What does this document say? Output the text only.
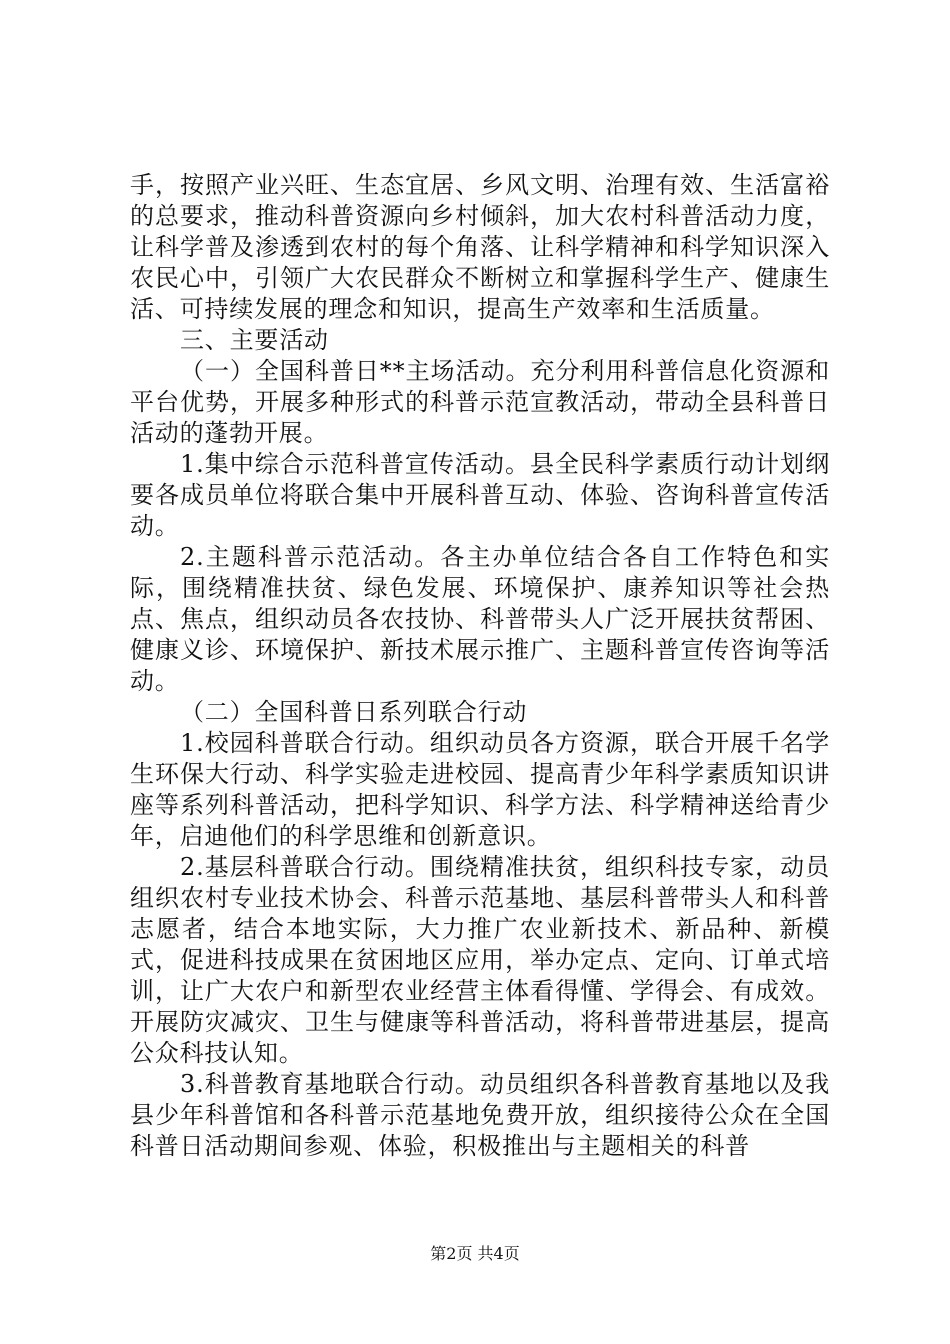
手，按照产业兴旺、生态宜居、乡风文明、治理有效、生活富裕的总要求，推动科普资源向乡村倾斜，加大农村科普活动力度，让科学普及渗透到农村的每个角落、让科学精神和科学知识深入农民心中，引领广大农民群众不断树立和掌握科学生产、健康生活、可持续发展的理念和知识，提高生产效率和生活质量。

三、主要活动

（一）全国科普日**主场活动。充分利用科普信息化资源和平台优势，开展多种形式的科普示范宣教活动，带动全县科普日活动的蓬勃开展。

1.集中综合示范科普宣传活动。县全民科学素质行动计划纲要各成员单位将联合集中开展科普互动、体验、咨询科普宣传活动。

2.主题科普示范活动。各主办单位结合各自工作特色和实际，围绕精准扶贫、绿色发展、环境保护、康养知识等社会热点、焦点，组织动员各农技协、科普带头人广泛开展扶贫帮困、健康义诊、环境保护、新技术展示推广、主题科普宣传咨询等活动。

（二）全国科普日系列联合行动

1.校园科普联合行动。组织动员各方资源，联合开展千名学生环保大行动、科学实验走进校园、提高青少年科学素质知识讲座等系列科普活动，把科学知识、科学方法、科学精神送给青少年，启迪他们的科学思维和创新意识。

2.基层科普联合行动。围绕精准扶贫，组织科技专家，动员组织农村专业技术协会、科普示范基地、基层科普带头人和科普志愿者，结合本地实际，大力推广农业新技术、新品种、新模式，促进科技成果在贫困地区应用，举办定点、定向、订单式培训，让广大农户和新型农业经营主体看得懂、学得会、有成效。开展防灾减灾、卫生与健康等科普活动，将科普带进基层，提高公众科技认知。

3.科普教育基地联合行动。动员组织各科普教育基地以及我县少年科普馆和各科普示范基地免费开放，组织接待公众在全国科普日活动期间参观、体验，积极推出与主题相关的科普

第2页 共4页
